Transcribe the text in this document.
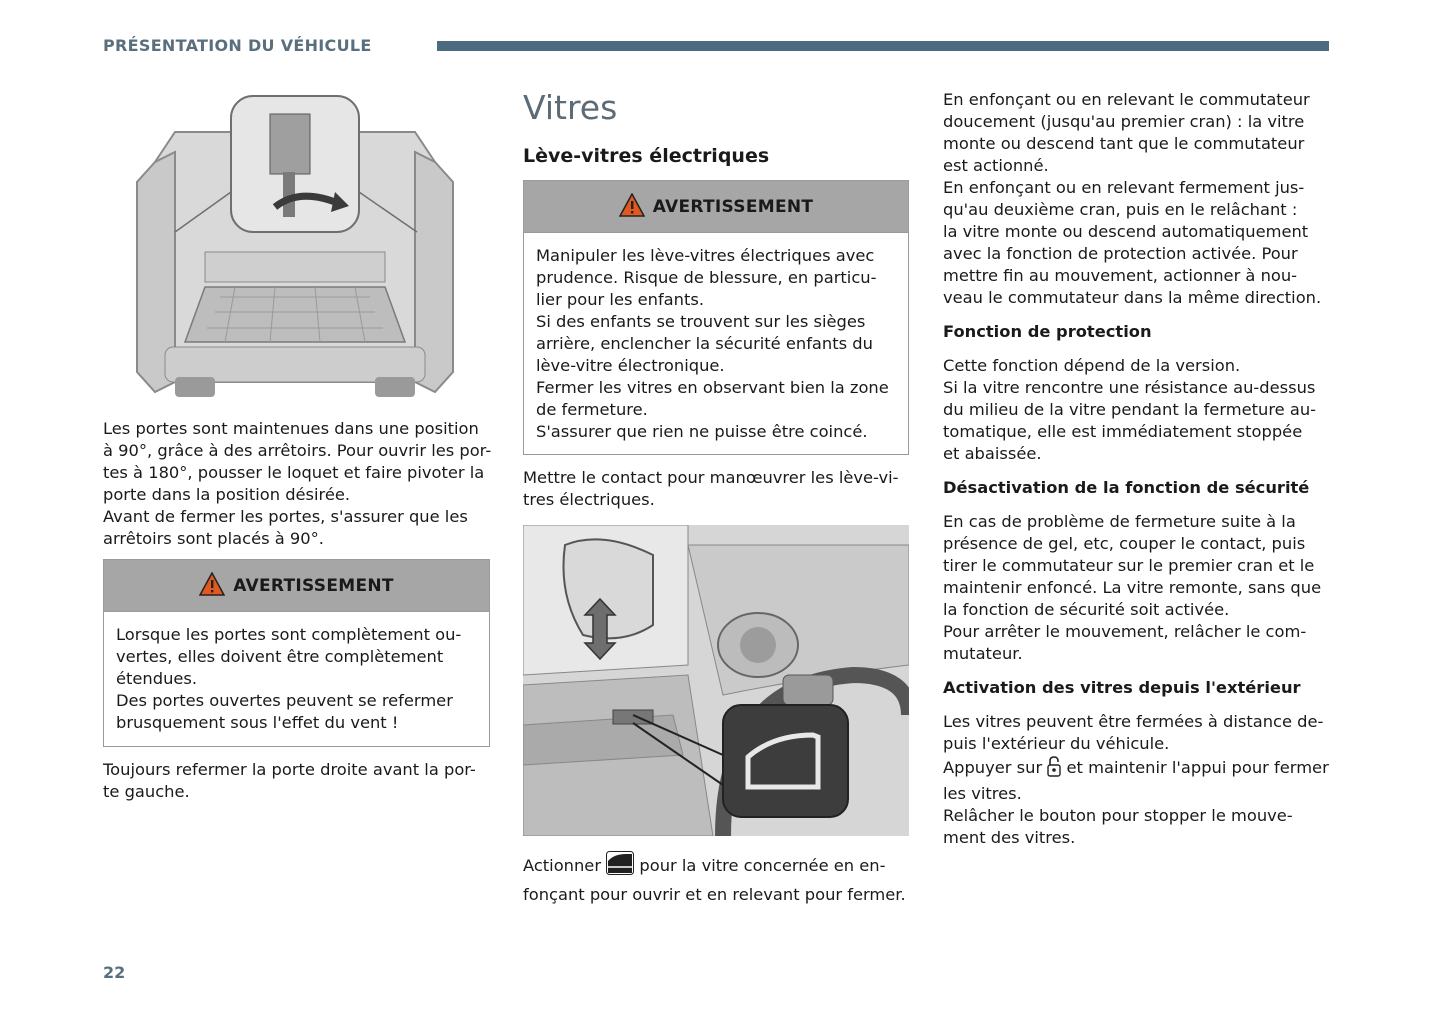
PRÉSENTATION DU VÉHICULE

Les portes sont maintenues dans une position

à 90°, grâce à des arrêtoirs. Pour ouvrir les por-

tes à 180°, pousser le loquet et faire pivoter la

porte dans la position désirée.

Avant de fermer les portes, s'assurer que les

arrêtoirs sont placés à 90°.

AVERTISSEMENT

Lorsque les portes sont complètement ou-

vertes, elles doivent être complètement

étendues.

Des portes ouvertes peuvent se refermer

brusquement sous l'effet du vent !

Toujours refermer la porte droite avant la por-

te gauche.

Vitres
Lève-vitres électriques
AVERTISSEMENT

Manipuler les lève-vitres électriques avec

prudence. Risque de blessure, en particu-

lier pour les enfants.

Si des enfants se trouvent sur les sièges

arrière, enclencher la sécurité enfants du

lève-vitre électronique.

Fermer les vitres en observant bien la zone

de fermeture.

S'assurer que rien ne puisse être coincé.

Mettre le contact pour manœuvrer les lève-vi-

tres électriques.

Actionner pour la vitre concernée en en-

fonçant pour ouvrir et en relevant pour fermer.

En enfonçant ou en relevant le commutateur

doucement (jusqu'au premier cran) : la vitre

monte ou descend tant que le commutateur

est actionné.

En enfonçant ou en relevant fermement jus-

qu'au deuxième cran, puis en le relâchant :

la vitre monte ou descend automatiquement

avec la fonction de protection activée. Pour

mettre fin au mouvement, actionner à nou-

veau le commutateur dans la même direction.

Fonction de protection

Cette fonction dépend de la version.

Si la vitre rencontre une résistance au-dessus

du milieu de la vitre pendant la fermeture au-

tomatique, elle est immédiatement stoppée

et abaissée.

Désactivation de la fonction de sécurité

En cas de problème de fermeture suite à la

présence de gel, etc, couper le contact, puis

tirer le commutateur sur le premier cran et le

maintenir enfoncé. La vitre remonte, sans que

la fonction de sécurité soit activée.

Pour arrêter le mouvement, relâcher le com-

mutateur.

Activation des vitres depuis l'extérieur

Les vitres peuvent être fermées à distance de-

puis l'extérieur du véhicule.

Appuyer sur et maintenir l'appui pour fermer

les vitres.

Relâcher le bouton pour stopper le mouve-

ment des vitres.

22
